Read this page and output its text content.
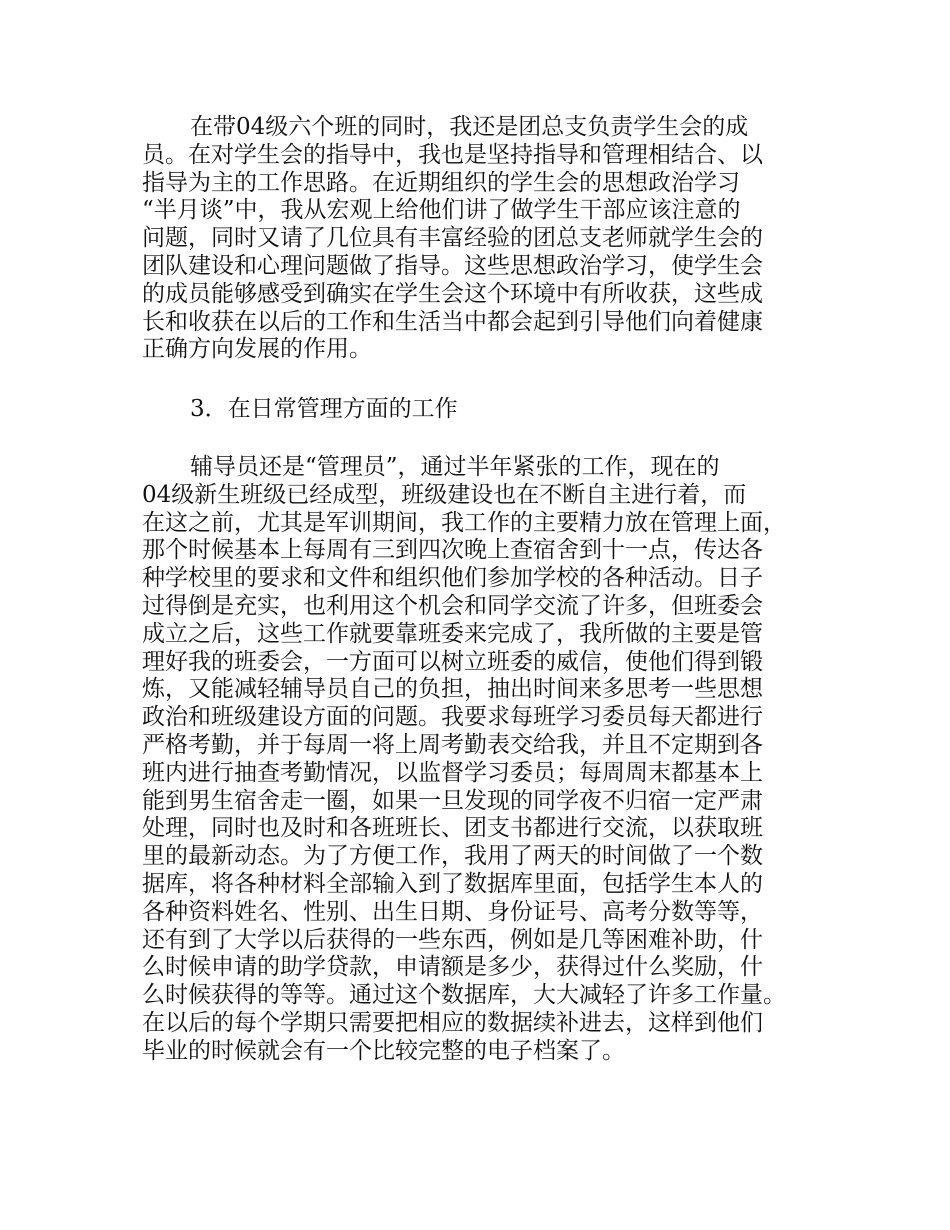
在带04级六个班的同时，我还是团总支负责学生会的成
员。在对学生会的指导中，我也是坚持指导和管理相结合、以
指导为主的工作思路。在近期组织的学生会的思想政治学习
“半月谈”中，我从宏观上给他们讲了做学生干部应该注意的
问题，同时又请了几位具有丰富经验的团总支老师就学生会的
团队建设和心理问题做了指导。这些思想政治学习，使学生会
的成员能够感受到确实在学生会这个环境中有所收获，这些成
长和收获在以后的工作和生活当中都会起到引导他们向着健康
正确方向发展的作用。
3．在日常管理方面的工作
辅导员还是“管理员”，通过半年紧张的工作，现在的
04级新生班级已经成型，班级建设也在不断自主进行着，而
在这之前，尤其是军训期间，我工作的主要精力放在管理上面，
那个时候基本上每周有三到四次晚上查宿舍到十一点，传达各
种学校里的要求和文件和组织他们参加学校的各种活动。日子
过得倒是充实，也利用这个机会和同学交流了许多，但班委会
成立之后，这些工作就要靠班委来完成了，我所做的主要是管
理好我的班委会，一方面可以树立班委的威信，使他们得到锻
炼，又能减轻辅导员自己的负担，抽出时间来多思考一些思想
政治和班级建设方面的问题。我要求每班学习委员每天都进行
严格考勤，并于每周一将上周考勤表交给我，并且不定期到各
班内进行抽查考勤情况，以监督学习委员；每周周末都基本上
能到男生宿舍走一圈，如果一旦发现的同学夜不归宿一定严肃
处理，同时也及时和各班班长、团支书都进行交流，以获取班
里的最新动态。为了方便工作，我用了两天的时间做了一个数
据库，将各种材料全部输入到了数据库里面，包括学生本人的
各种资料姓名、性别、出生日期、身份证号、高考分数等等，
还有到了大学以后获得的一些东西，例如是几等困难补助，什
么时候申请的助学贷款，申请额是多少，获得过什么奖励，什
么时候获得的等等。通过这个数据库，大大减轻了许多工作量。
在以后的每个学期只需要把相应的数据续补进去，这样到他们
毕业的时候就会有一个比较完整的电子档案了。
